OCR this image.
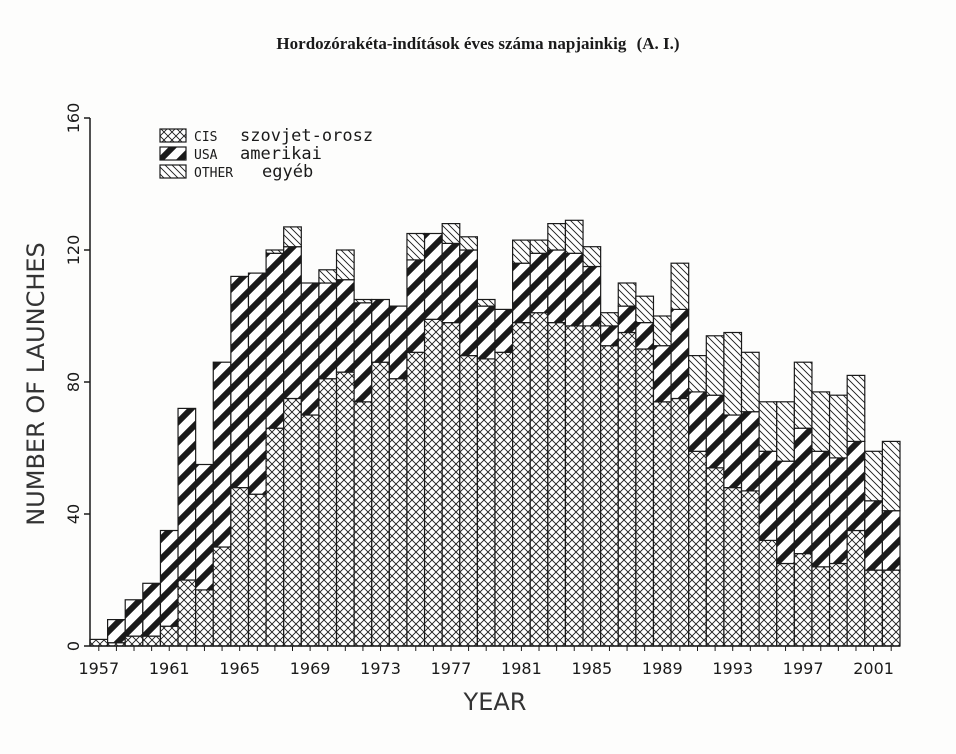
Hordozórakéta-indítások éves száma napjainkig (A. I.)
0
40
80
120
160
1957 1961 1965 1969 1973 1977 1981 1985 1989 1993 1997 2001
YEAR
NUMBER OF LAUNCHES
CIS szovjet-orosz
USA amerikai
OTHER egyéb
